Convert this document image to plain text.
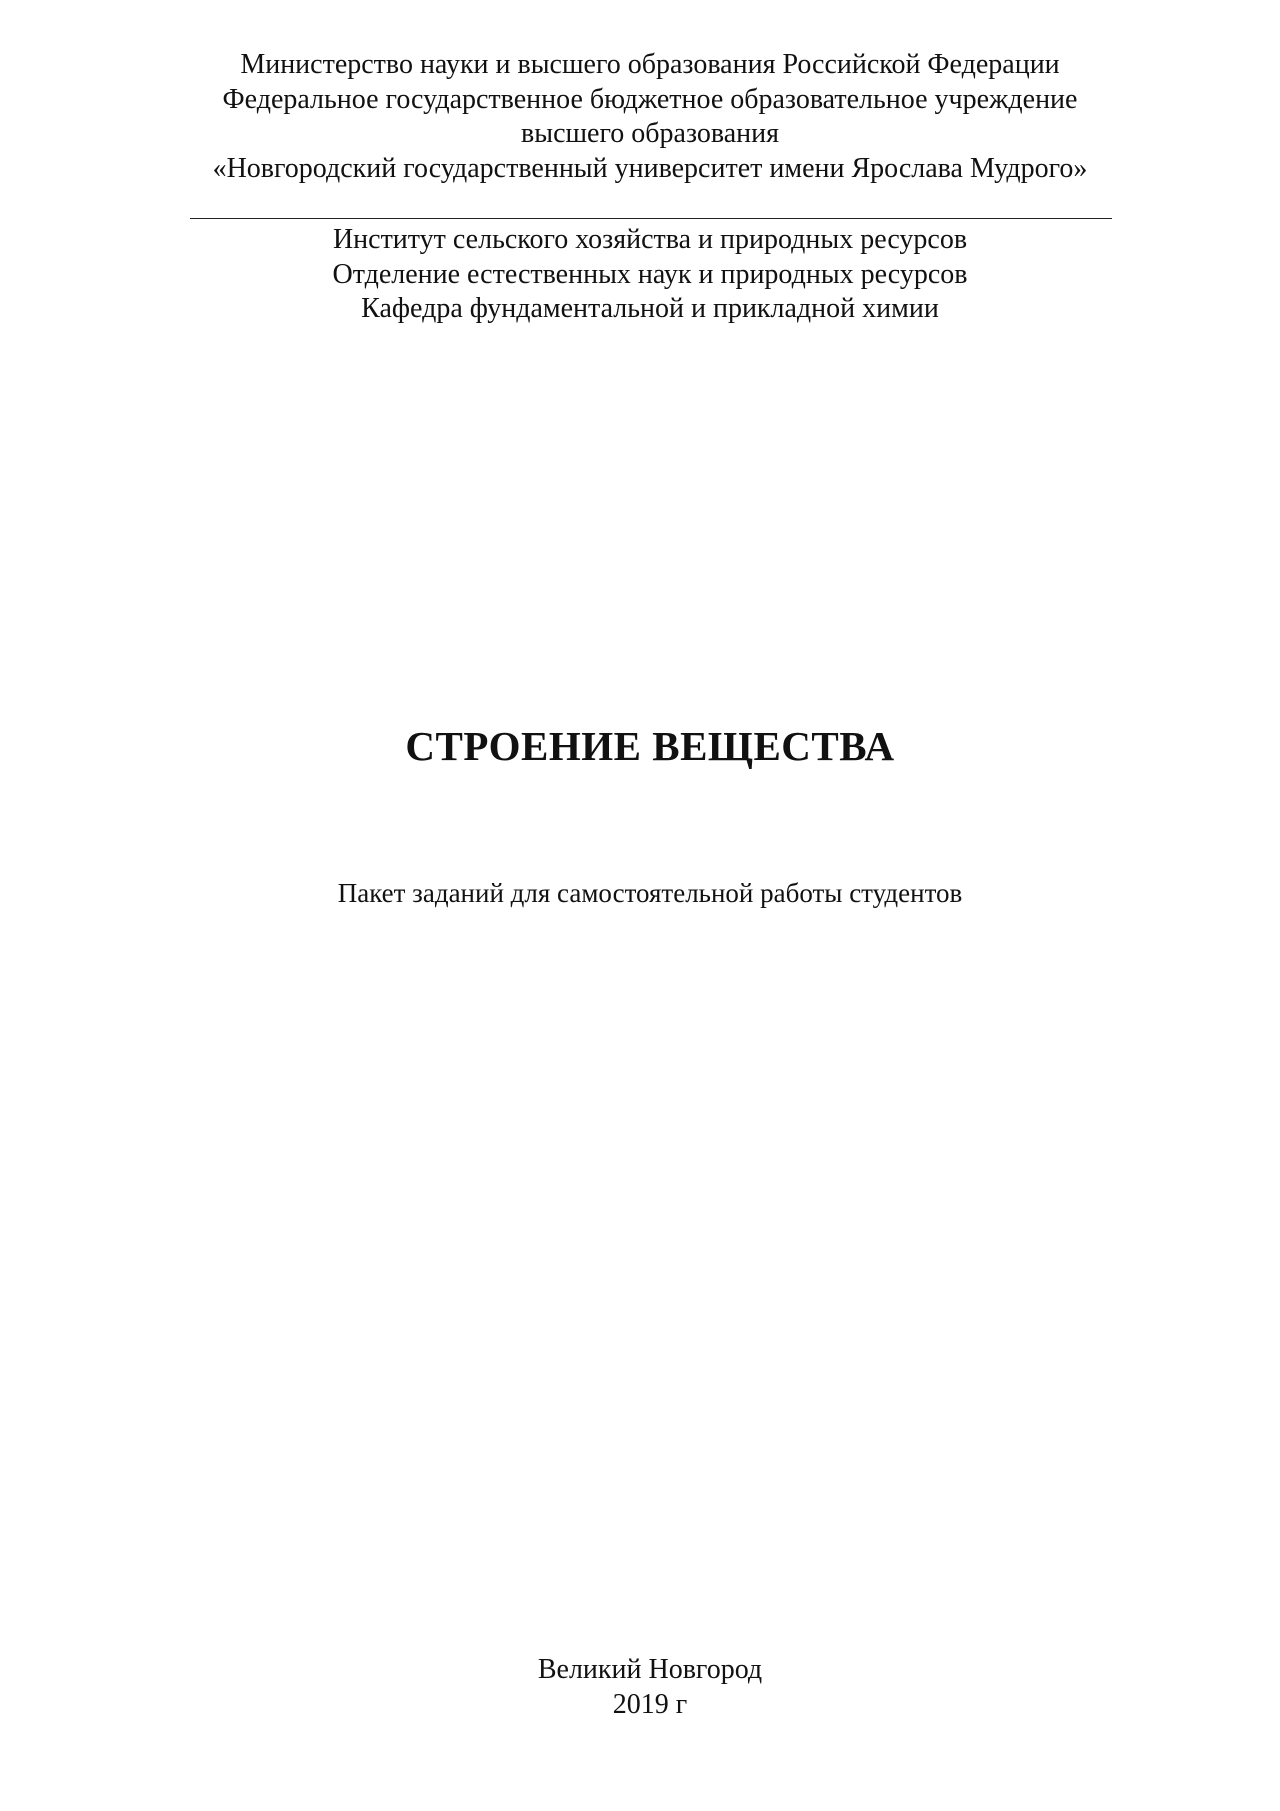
Министерство науки и высшего образования Российской Федерации
Федеральное государственное бюджетное образовательное учреждение
высшего образования
«Новгородский государственный университет имени Ярослава Мудрого»
Институт сельского хозяйства и природных ресурсов
Отделение естественных наук и природных ресурсов
Кафедра фундаментальной и прикладной химии
СТРОЕНИЕ ВЕЩЕСТВА
Пакет заданий для самостоятельной работы студентов
Великий Новгород
2019 г
